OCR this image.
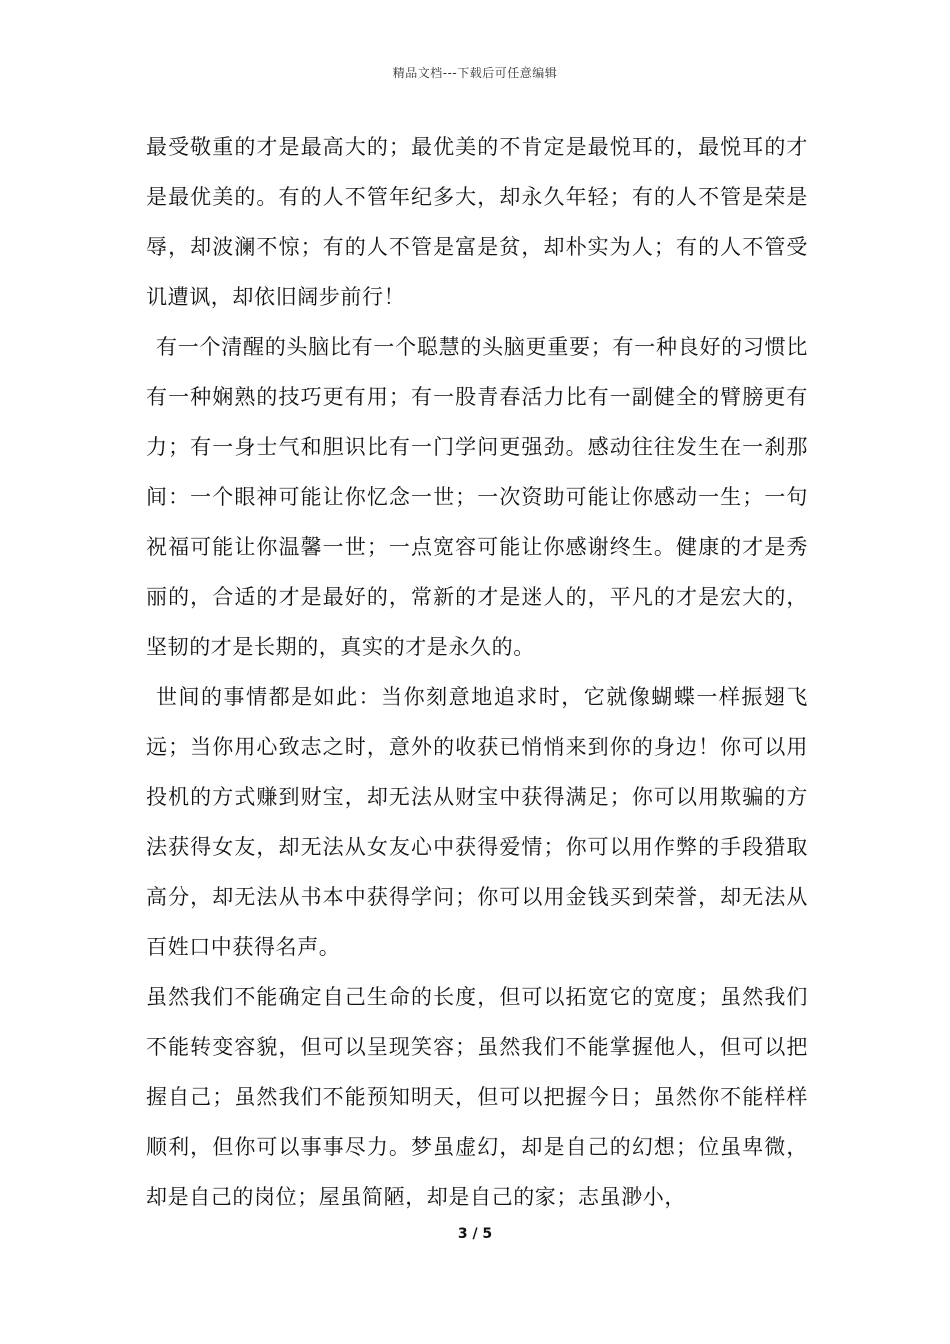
精品文档---下载后可任意编辑

最受敬重的才是最高大的；最优美的不肯定是最悦耳的，最悦耳的才是最优美的。有的人不管年纪多大，却永久年轻；有的人不管是荣是辱，却波澜不惊；有的人不管是富是贫，却朴实为人；有的人不管受讥遭讽，却依旧阔步前行！

有一个清醒的头脑比有一个聪慧的头脑更重要；有一种良好的习惯比有一种娴熟的技巧更有用；有一股青春活力比有一副健全的臂膀更有力；有一身士气和胆识比有一门学问更强劲。感动往往发生在一刹那间：一个眼神可能让你忆念一世；一次资助可能让你感动一生；一句祝福可能让你温馨一世；一点宽容可能让你感谢终生。健康的才是秀丽的，合适的才是最好的，常新的才是迷人的，平凡的才是宏大的，坚韧的才是长期的，真实的才是永久的。

世间的事情都是如此：当你刻意地追求时，它就像蝴蝶一样振翅飞远；当你用心致志之时，意外的收获已悄悄来到你的身边！你可以用投机的方式赚到财宝，却无法从财宝中获得满足；你可以用欺骗的方法获得女友，却无法从女友心中获得爱情；你可以用作弊的手段猎取高分，却无法从书本中获得学问；你可以用金钱买到荣誉，却无法从百姓口中获得名声。

虽然我们不能确定自己生命的长度，但可以拓宽它的宽度；虽然我们不能转变容貌，但可以呈现笑容；虽然我们不能掌握他人，但可以把握自己；虽然我们不能预知明天，但可以把握今日；虽然你不能样样顺利，但你可以事事尽力。梦虽虚幻，却是自己的幻想；位虽卑微，却是自己的岗位；屋虽简陋，却是自己的家；志虽渺小，

3 / 5
